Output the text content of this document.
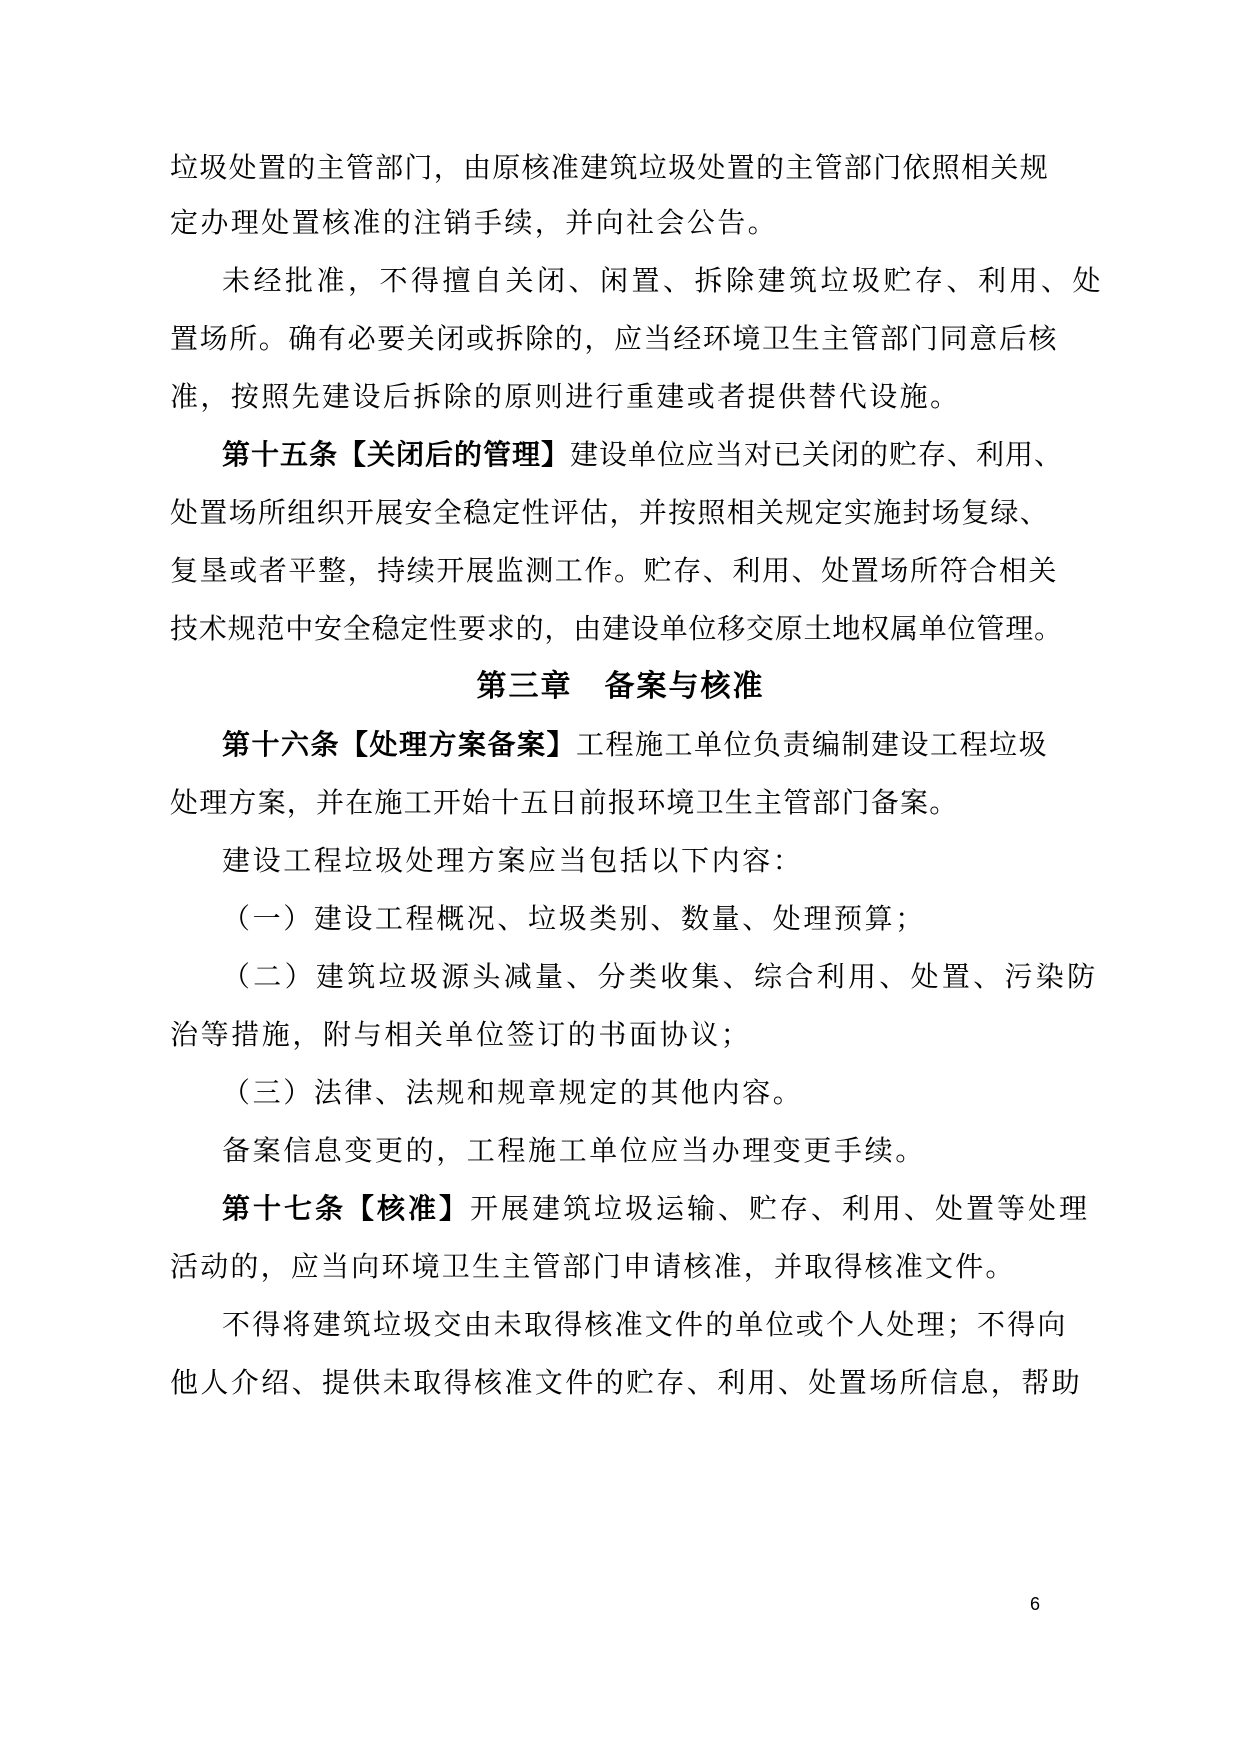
垃圾处置的主管部门，由原核准建筑垃圾处置的主管部门依照相关规
定办理处置核准的注销手续，并向社会公告。
未经批准，不得擅自关闭、闲置、拆除建筑垃圾贮存、利用、处
置场所。确有必要关闭或拆除的，应当经环境卫生主管部门同意后核
准，按照先建设后拆除的原则进行重建或者提供替代设施。
第十五条【关闭后的管理】建设单位应当对已关闭的贮存、利用、
处置场所组织开展安全稳定性评估，并按照相关规定实施封场复绿、
复垦或者平整，持续开展监测工作。贮存、利用、处置场所符合相关
技术规范中安全稳定性要求的，由建设单位移交原土地权属单位管理。
第三章　备案与核准
第十六条【处理方案备案】工程施工单位负责编制建设工程垃圾
处理方案，并在施工开始十五日前报环境卫生主管部门备案。
建设工程垃圾处理方案应当包括以下内容：
（一）建设工程概况、垃圾类别、数量、处理预算；
（二）建筑垃圾源头减量、分类收集、综合利用、处置、污染防
治等措施，附与相关单位签订的书面协议；
（三）法律、法规和规章规定的其他内容。
备案信息变更的，工程施工单位应当办理变更手续。
第十七条【核准】开展建筑垃圾运输、贮存、利用、处置等处理
活动的，应当向环境卫生主管部门申请核准，并取得核准文件。
不得将建筑垃圾交由未取得核准文件的单位或个人处理；不得向
他人介绍、提供未取得核准文件的贮存、利用、处置场所信息，帮助
6
